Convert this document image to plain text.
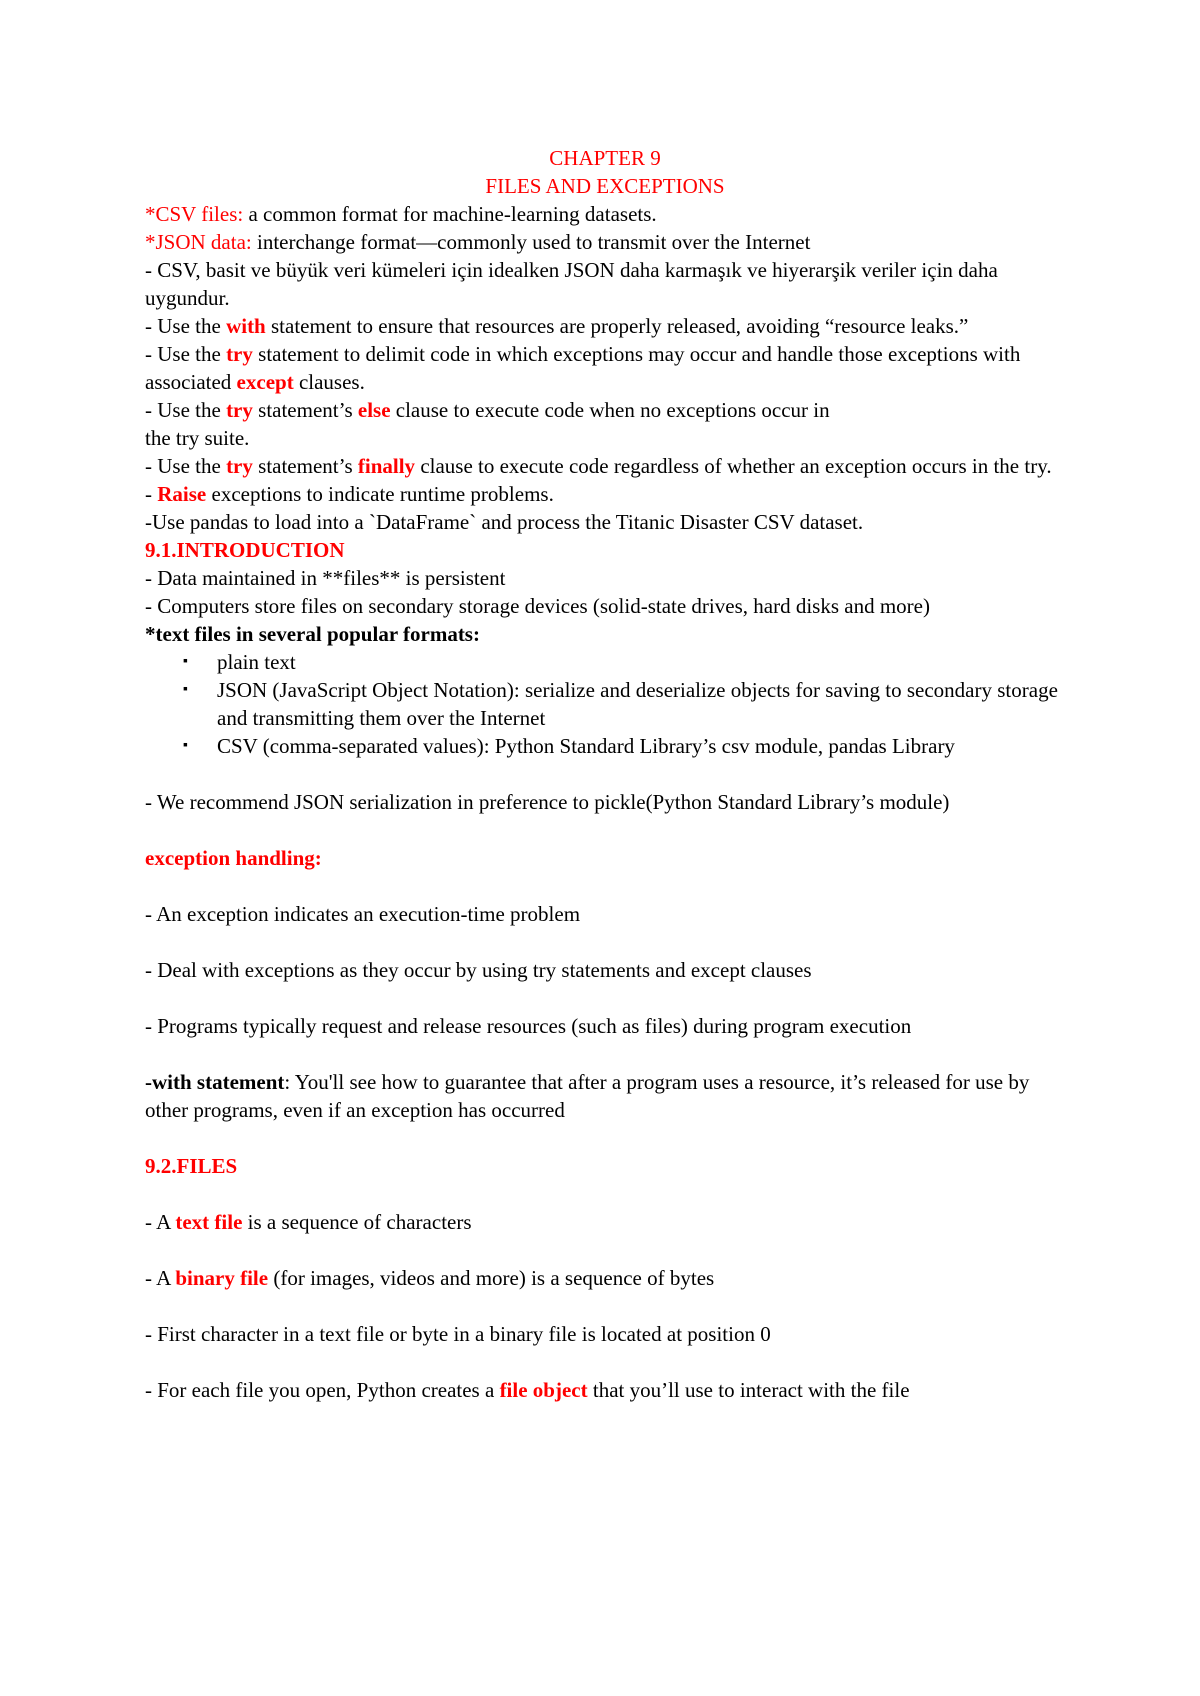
CHAPTER 9

FILES AND EXCEPTIONS

*CSV files: a common format for machine-learning datasets.

*JSON data: interchange format—commonly used to transmit over the Internet

- CSV, basit ve büyük veri kümeleri için idealken JSON daha karmaşık ve hiyerarşik veriler için daha uygundur.

- Use the with statement to ensure that resources are properly released, avoiding “resource leaks.”

- Use the try statement to delimit code in which exceptions may occur and handle those exceptions with associated except clauses.

- Use the try statement’s else clause to execute code when no exceptions occur in
the try suite.

- Use the try statement’s finally clause to execute code regardless of whether an exception occurs in the try.

- Raise exceptions to indicate runtime problems.

-Use pandas to load into a `DataFrame` and process the Titanic Disaster CSV dataset.

9.1.INTRODUCTION

- Data maintained in **files** is persistent

- Computers store files on secondary storage devices (solid-state drives, hard disks and more)

*text files in several popular formats:

▪ plain text
▪ JSON (JavaScript Object Notation): serialize and deserialize objects for saving to secondary storage and transmitting them over the Internet
▪ CSV (comma-separated values): Python Standard Library’s csv module, pandas Library

- We recommend JSON serialization in preference to pickle(Python Standard Library’s module)

exception handling:

- An exception indicates an execution-time problem

- Deal with exceptions as they occur by using try statements and except clauses

- Programs typically request and release resources (such as files) during program execution

-with statement: You'll see how to guarantee that after a program uses a resource, it’s released for use by other programs, even if an exception has occurred

9.2.FILES

- A text file is a sequence of characters

- A binary file (for images, videos and more) is a sequence of bytes

- First character in a text file or byte in a binary file is located at position 0

- For each file you open, Python creates a file object that you’ll use to interact with the file
